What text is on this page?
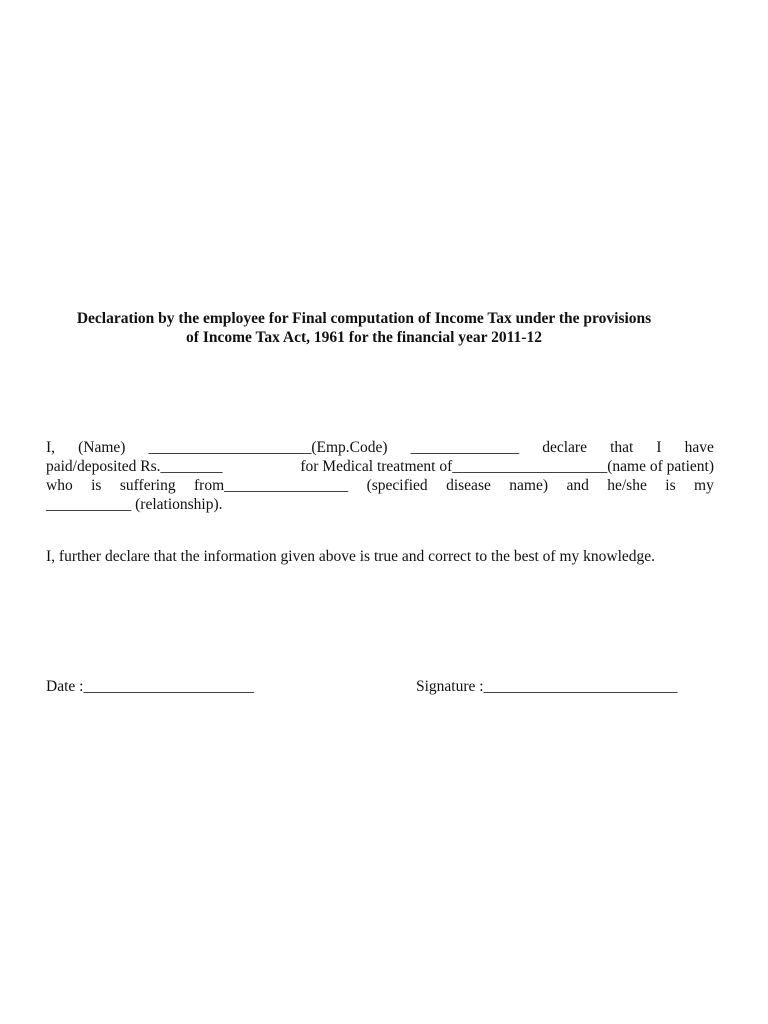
Declaration by the employee for Final computation of Income Tax under the provisions
of Income Tax Act, 1961 for the financial year 2011-12
I, (Name) _____________________(Emp.Code) ______________ declare that I have
paid/deposited Rs.________	for Medical treatment of____________________(name of patient)
who is suffering from________________ (specified disease name) and he/she is my
___________ (relationship).
I, further declare that the information given above is true and correct to the best of my knowledge.
Date :______________________	Signature :_________________________
